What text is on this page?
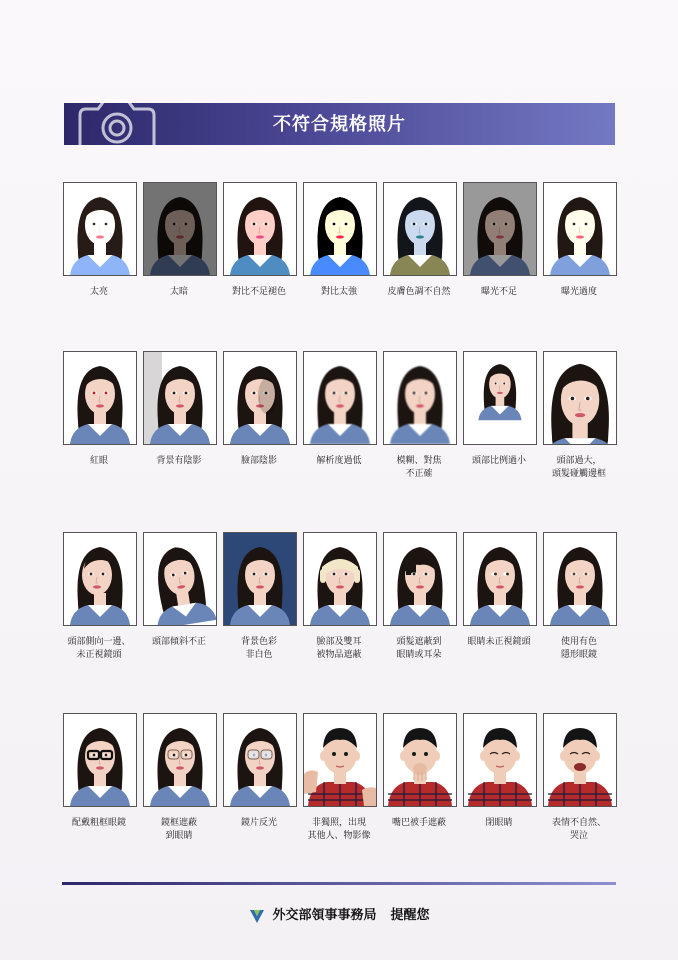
不符合規格照片
太亮	太暗	對比不足褪色	對比太強	皮膚色調不自然	曝光不足	曝光過度
紅眼	背景有陰影	臉部陰影	解析度過低	模糊、對焦
不正確
頭部比例過小	頭部過大，
頭髮碰觸邊框
頭部側向一邊、
未正視鏡頭
頭部傾斜不正	背景色彩
非白色
臉部及雙耳
被物品遮蔽
頭髮遮蔽到
眼睛或耳朵
眼睛未正視鏡頭	使用有色
隱形眼鏡
配戴粗框眼鏡	鏡框遮蔽
到眼睛
鏡片反光	非獨照，出現
其他人、物影像
嘴巴被手遮蔽	閉眼睛	表情不自然、
哭泣
外交部領事事務局 提醒您
